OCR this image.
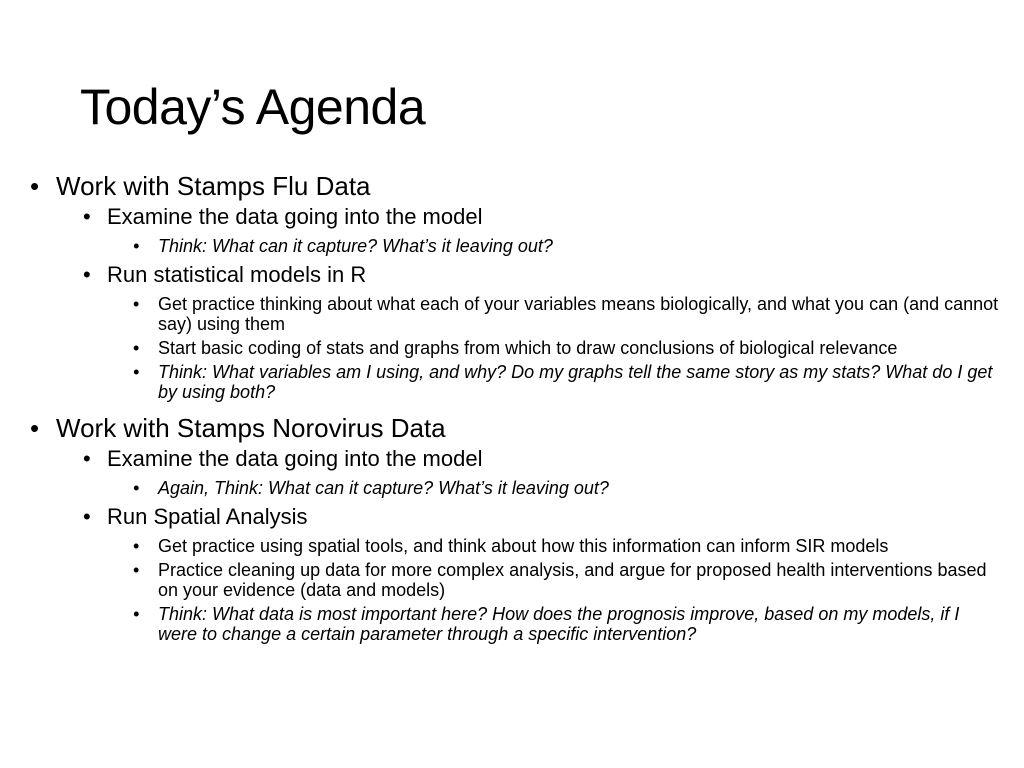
Today’s Agenda
• Work with Stamps Flu Data
• Examine the data going into the model
• Think: What can it capture? What’s it leaving out?
• Run statistical models in R
• Get practice thinking about what each of your variables means biologically, and what you can (and cannot say) using them
• Start basic coding of stats and graphs from which to draw conclusions of biological relevance
• Think: What variables am I using, and why? Do my graphs tell the same story as my stats? What do I get by using both?
• Work with Stamps Norovirus Data
• Examine the data going into the model
• Again, Think: What can it capture? What’s it leaving out?
• Run Spatial Analysis
• Get practice using spatial tools, and think about how this information can inform SIR models
• Practice cleaning up data for more complex analysis, and argue for proposed health interventions based on your evidence (data and models)
• Think: What data is most important here? How does the prognosis improve, based on my models, if I were to change a certain parameter through a specific intervention?
